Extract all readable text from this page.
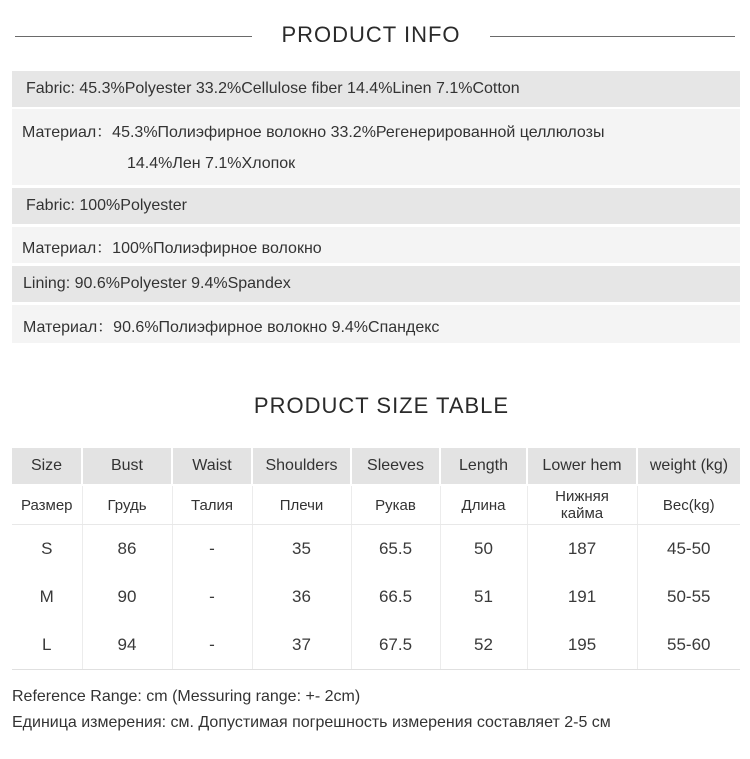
PRODUCT INFO
Fabric: 45.3%Polyester 33.2%Cellulose fiber 14.4%Linen 7.1%Cotton
Материал：45.3%Полиэфирное волокно 33.2%Регенерированной целлюлозы
14.4%Лен 7.1%Хлопок
Fabric: 100%Polyester
Материал：100%Полиэфирное волокно
Lining: 90.6%Polyester 9.4%Spandex
Материал：90.6%Полиэфирное волокно 9.4%Спандекс
PRODUCT SIZE TABLE
Size	Bust	Waist	Shoulders	Sleeves	Length	Lower hem	weight (kg)
Размер	Грудь	Талия	Плечи	Рукав	Длина	Нижняя кайма	Вес(kg)
S	86	-	35	65.5	50	187	45-50
M	90	-	36	66.5	51	191	50-55
L	94	-	37	67.5	52	195	55-60
Reference Range: cm (Messuring range: +- 2cm)
Единица измерения: см. Допустимая погрешность измерения составляет 2-5 см
